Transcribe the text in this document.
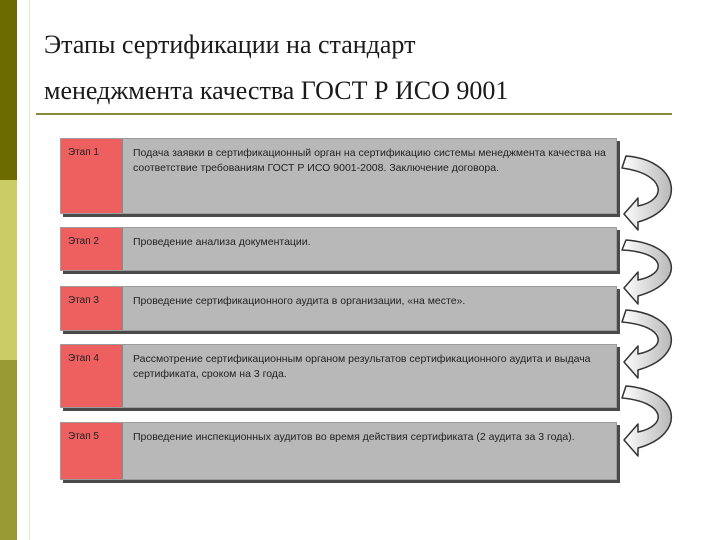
Этапы сертификации на стандарт
менеджмента качества ГОСТ Р ИСО 9001
Этап 1	Подача заявки в сертификационный орган на сертификацию системы менеджмента качества на соответствие требованиям ГОСТ Р ИСО 9001-2008. Заключение договора.
Этап 2	Проведение анализа документации.
Этап 3	Проведение сертификационного аудита в организации, «на месте».
Этап 4	Рассмотрение сертификационным органом результатов сертификационного аудита и выдача сертификата, сроком на 3 года.
Этап 5	Проведение инспекционных аудитов во время действия сертификата (2 аудита за 3 года).
